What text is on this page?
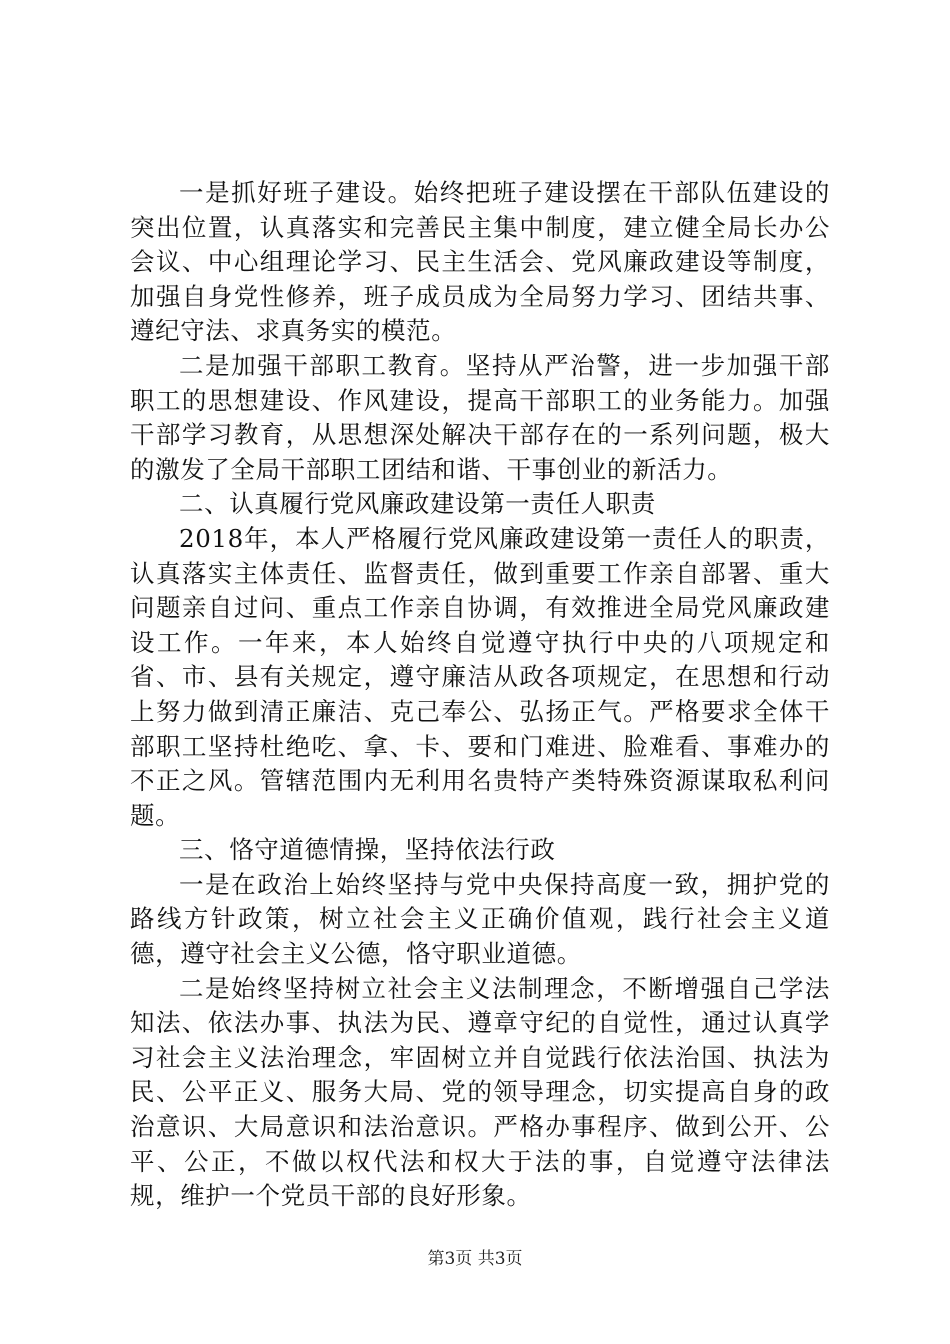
一是抓好班子建设。始终把班子建设摆在干部队伍建设的突出位置，认真落实和完善民主集中制度，建立健全局长办公会议、中心组理论学习、民主生活会、党风廉政建设等制度，加强自身党性修养，班子成员成为全局努力学习、团结共事、遵纪守法、求真务实的模范。

二是加强干部职工教育。坚持从严治警，进一步加强干部职工的思想建设、作风建设，提高干部职工的业务能力。加强干部学习教育，从思想深处解决干部存在的一系列问题，极大的激发了全局干部职工团结和谐、干事创业的新活力。

二、认真履行党风廉政建设第一责任人职责

2018年，本人严格履行党风廉政建设第一责任人的职责，认真落实主体责任、监督责任，做到重要工作亲自部署、重大问题亲自过问、重点工作亲自协调，有效推进全局党风廉政建设工作。一年来，本人始终自觉遵守执行中央的八项规定和省、市、县有关规定，遵守廉洁从政各项规定，在思想和行动上努力做到清正廉洁、克己奉公、弘扬正气。严格要求全体干部职工坚持杜绝吃、拿、卡、要和门难进、脸难看、事难办的不正之风。管辖范围内无利用名贵特产类特殊资源谋取私利问题。

三、恪守道德情操，坚持依法行政

一是在政治上始终坚持与党中央保持高度一致，拥护党的路线方针政策，树立社会主义正确价值观，践行社会主义道德，遵守社会主义公德，恪守职业道德。

二是始终坚持树立社会主义法制理念，不断增强自己学法知法、依法办事、执法为民、遵章守纪的自觉性，通过认真学习社会主义法治理念，牢固树立并自觉践行依法治国、执法为民、公平正义、服务大局、党的领导理念，切实提高自身的政治意识、大局意识和法治意识。严格办事程序、做到公开、公平、公正，不做以权代法和权大于法的事，自觉遵守法律法规，维护一个党员干部的良好形象。

第3页 共3页
